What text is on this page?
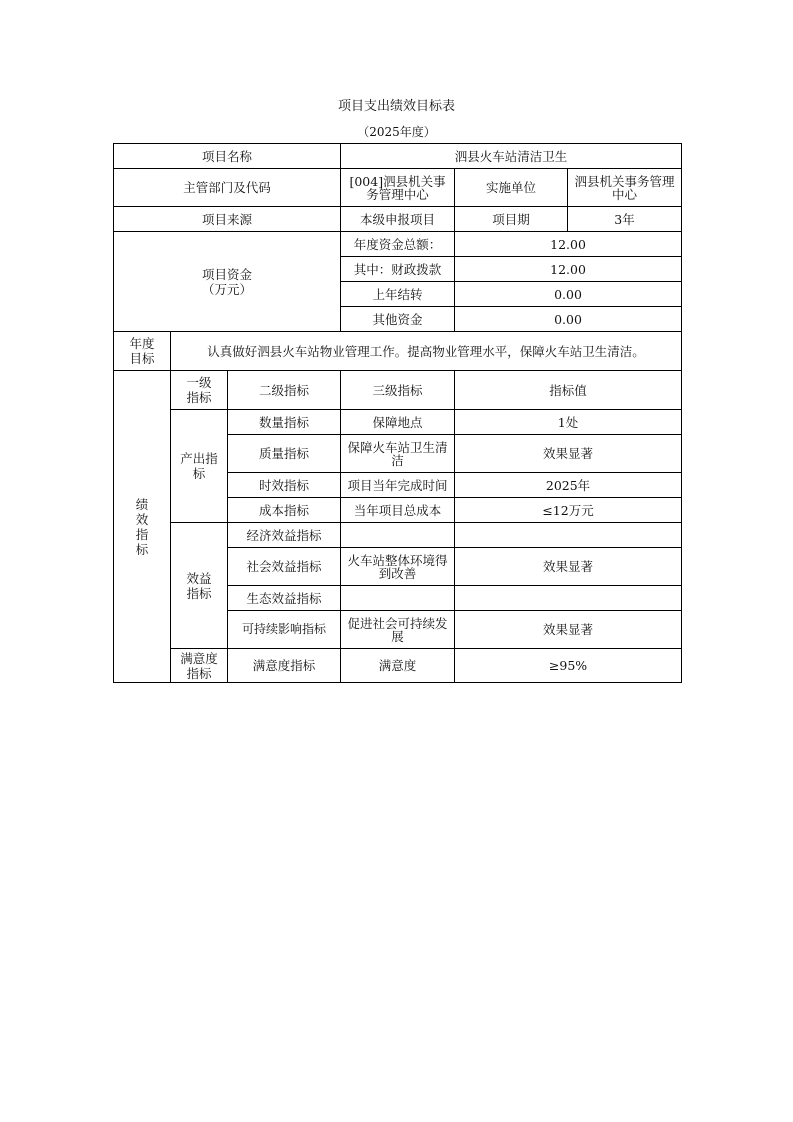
项目支出绩效目标表
（2025年度）
项目名称			泗县火车站清洁卫生		
主管部门及代码			[004]泗县机关事务管理中心	实施单位	泗县机关事务管理中心
项目来源			本级申报项目	项目期	3年
项目资金（万元）			年度资金总额：	12.00	
			其中：财政拨款	12.00	
			上年结转	0.00	
			其他资金	0.00	
年度目标	认真做好泗县火车站物业管理工作。提高物业管理水平，保障火车站卫生清洁。				
绩效指标	一级指标	二级指标	三级指标	指标值	
	产出指标	数量指标	保障地点	1处	
		质量指标	保障火车站卫生清洁	效果显著	
		时效指标	项目当年完成时间	2025年	
		成本指标	当年项目总成本	≤12万元	
	效益指标	经济效益指标			
		社会效益指标	火车站整体环境得到改善	效果显著	
		生态效益指标			
		可持续影响指标	促进社会可持续发展	效果显著	
	满意度指标	满意度指标	满意度	≥95%	
